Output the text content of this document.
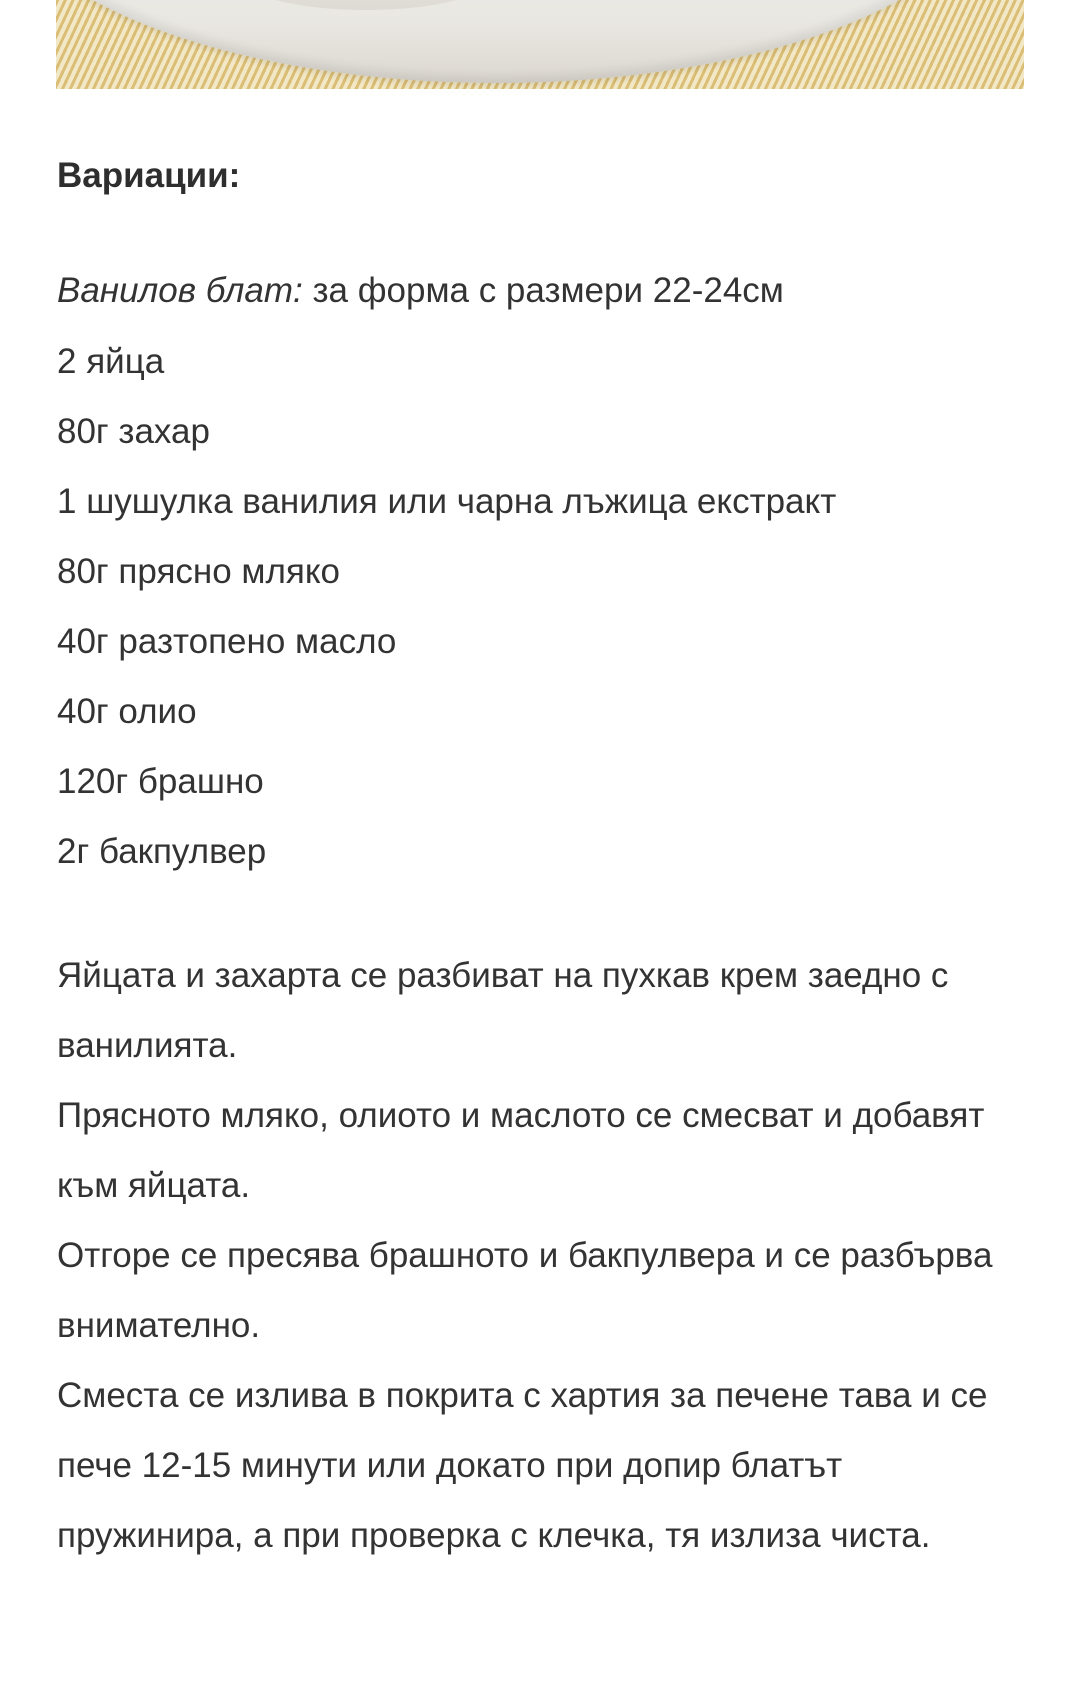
Вариации:
Ванилов блат: за форма с размери 22-24см
2 яйца
80г захар
1 шушулка ванилия или чарна лъжица екстракт
80г прясно мляко
40г разтопено масло
40г олио
120г брашно
2г бакпулвер

Яйцата и захарта се разбиват на пухкав крем заедно с ванилията.

Прясното мляко, олиото и маслото се смесват и добавят към яйцата.

Отгоре се пресява брашното и бакпулвера и се разбърва внимателно.

Сместа се излива в покрита с хартия за печене тава и се пече 12-15 минути или докато при допир блатът пружинира, а при проверка с клечка, тя излиза чиста.
